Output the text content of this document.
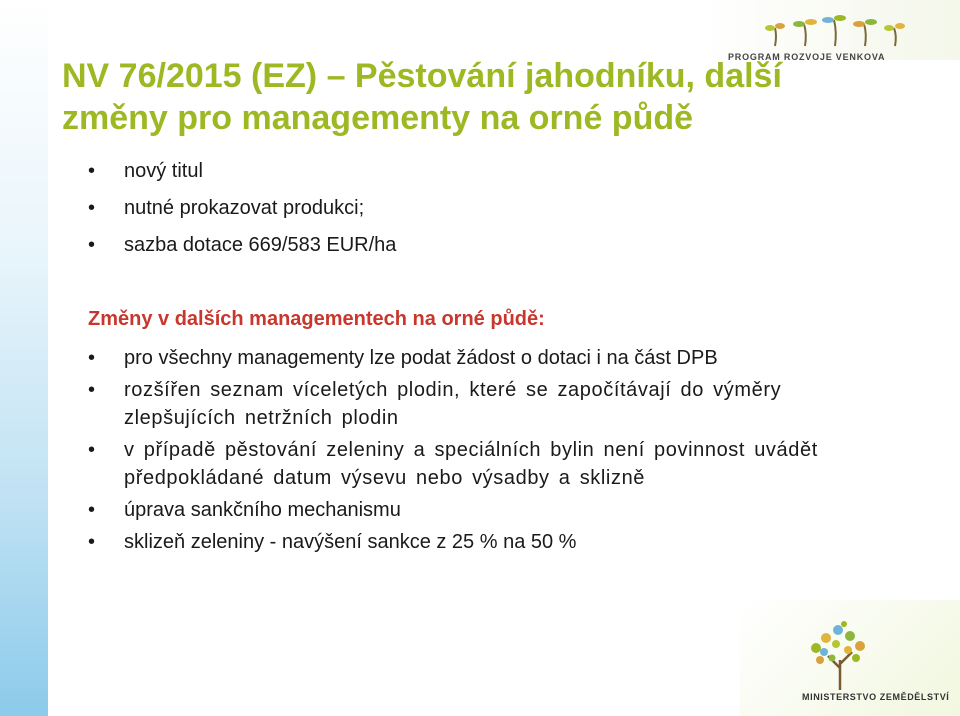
PROGRAM ROZVOJE VENKOVA
NV 76/2015 (EZ) – Pěstování jahodníku, další
změny pro managementy na orné půdě
• nový titul
• nutné prokazovat produkci;
• sazba dotace 669/583 EUR/ha
Změny v dalších managementech na orné půdě:
• pro všechny managementy lze podat žádost o dotaci i na část DPB
• rozšířen seznam víceletých plodin, které se započítávají do výměry zlepšujících netržních plodin
• v případě pěstování zeleniny a speciálních bylin není povinnost uvádět předpokládané datum výsevu nebo výsadby a sklizně
• úprava sankčního mechanismu
• sklizeň zeleniny - navýšení sankce z 25 % na 50 %
MINISTERSTVO ZEMĚDĚLSTVÍ
